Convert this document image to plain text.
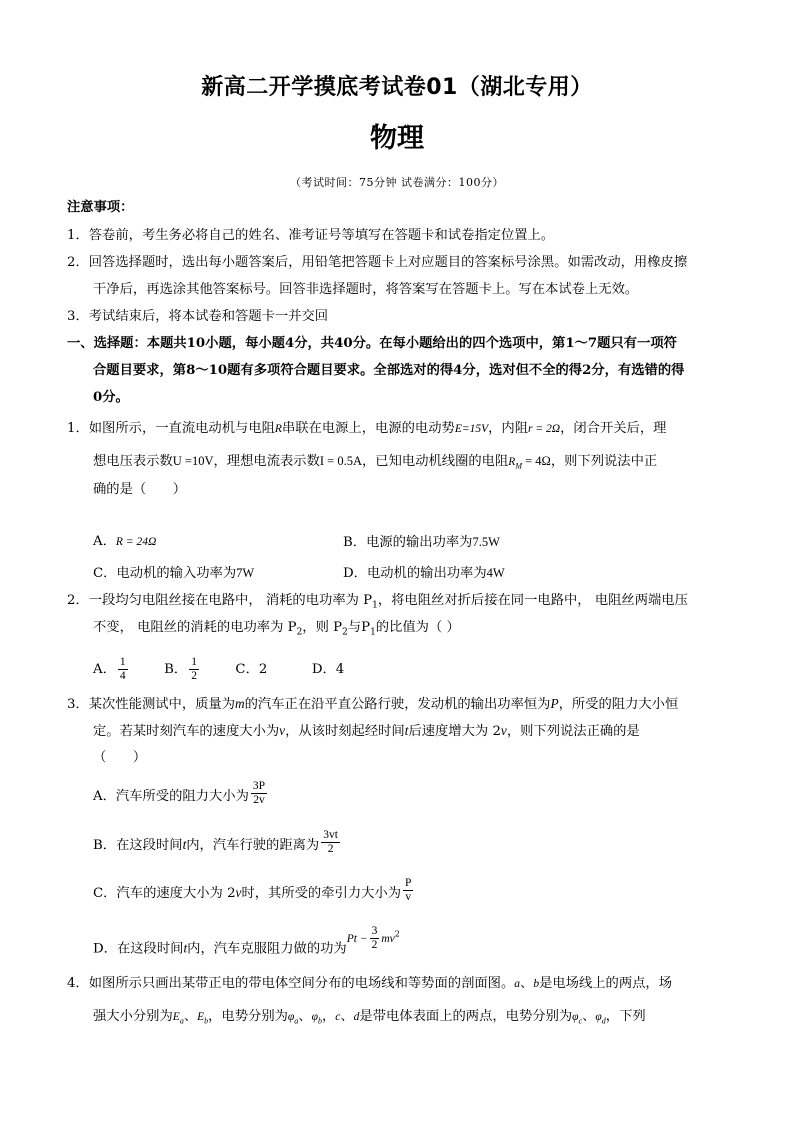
新高二开学摸底考试卷01（湖北专用）
物理
（考试时间：75分钟 试卷满分：100分）
注意事项：
1．答卷前，考生务必将自己的姓名、准考证号等填写在答题卡和试卷指定位置上。
2．回答选择题时，选出每小题答案后，用铅笔把答题卡上对应题目的答案标号涂黑。如需改动，用橡皮擦
干净后，再选涂其他答案标号。回答非选择题时，将答案写在答题卡上。写在本试卷上无效。
3．考试结束后，将本试卷和答题卡一并交回
一、选择题：本题共10小题，每小题4分，共40分。在每小题给出的四个选项中，第1～7题只有一项符
合题目要求，第8～10题有多项符合题目要求。全部选对的得4分，选对但不全的得2分，有选错的得
0分。
1．如图所示，一直流电动机与电阻R串联在电源上，电源的电动势E=15V，内阻r = 2Ω，闭合开关后，理
想电压表示数U =10V，理想电流表示数I = 0.5A，已知电动机线圈的电阻$R_M = 4\Omega$，则下列说法中正
确的是（　　）
A．R = 24Ω	B．电源的输出功率为7.5W
C．电动机的输入功率为7W	D．电动机的输出功率为4W
2．一段均匀电阻丝接在电路中， 消耗的电功率为 $P_1$，将电阻丝对折后接在同一电路中， 电阻丝两端电压
不变， 电阻丝的消耗的电功率为 $P_2$，则 $P_2$与$P_1$的比值为（ ）
A． $\frac{1}{4}$	B． $\frac{1}{2}$	C．2	D．4
3．某次性能测试中，质量为m的汽车正在沿平直公路行驶，发动机的输出功率恒为P，所受的阻力大小恒
定。若某时刻汽车的速度大小为v，从该时刻起经时间t后速度增大为 2v，则下列说法正确的是
（　　）
A．汽车所受的阻力大小为 $\frac{3P}{2v}$
B．在这段时间t内，汽车行驶的距离为 $\frac{3vt}{2}$
C．汽车的速度大小为 2v时，其所受的牵引力大小为 $\frac{P}{v}$
D．在这段时间t内，汽车克服阻力做的功为$Pt - \frac{3}{2} mv^2$
4．如图所示只画出某带正电的带电体空间分布的电场线和等势面的剖面图。a、b是电场线上的两点，场
强大小分别为$E_a$、$E_b$，电势分别为$\varphi_a$、$\varphi_b$，c、d是带电体表面上的两点，电势分别为$\varphi_c$、$\varphi_d$，下列
